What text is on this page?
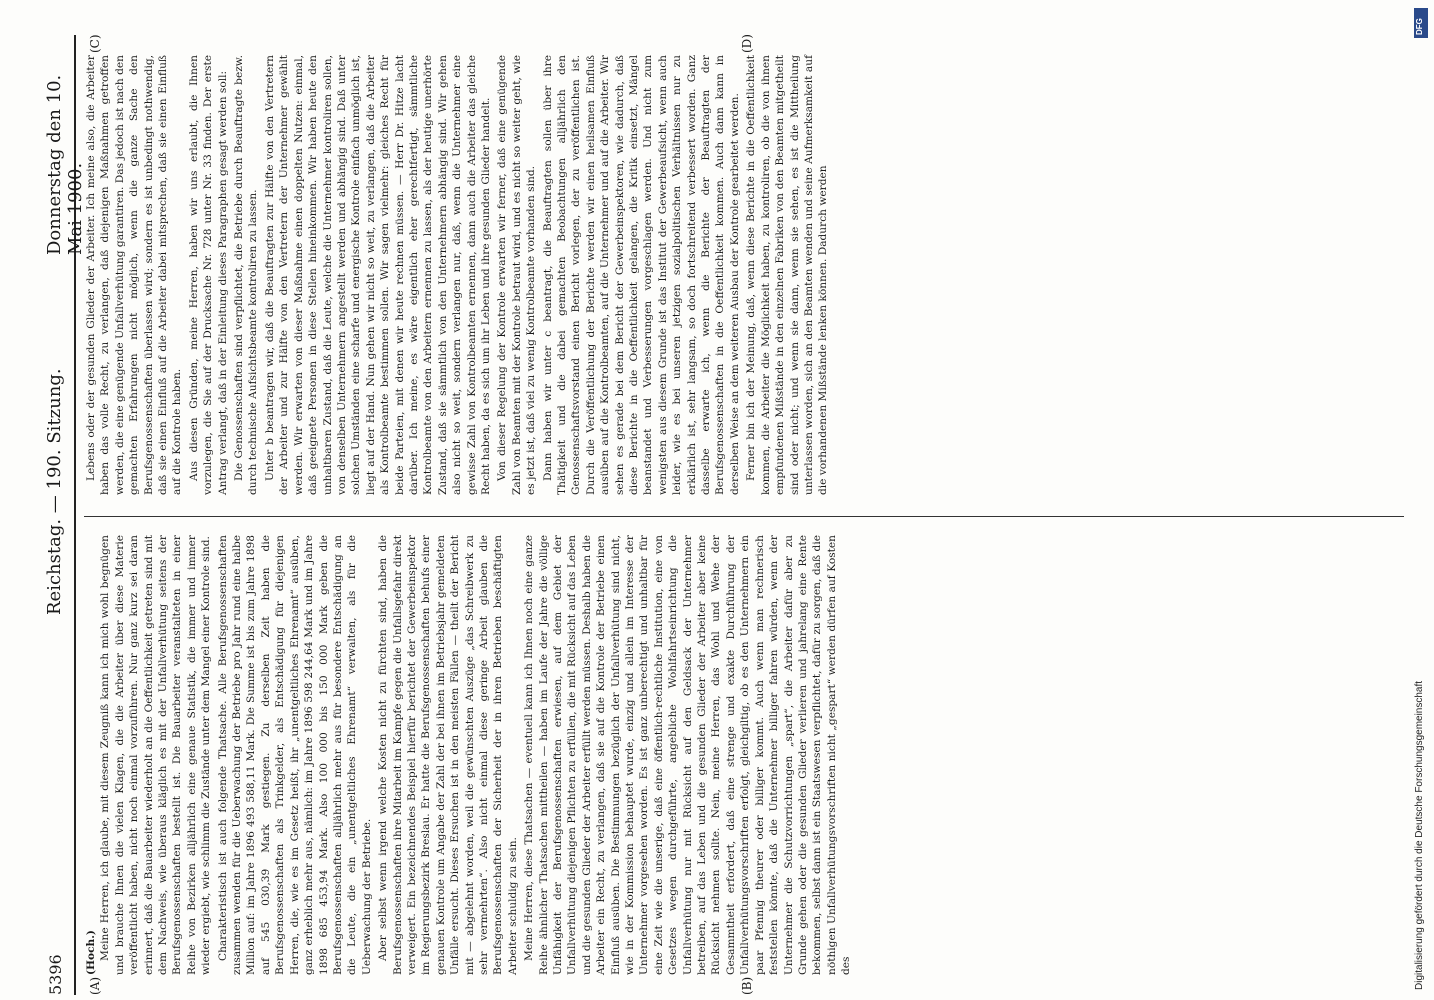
5396
Reichstag. — 190. Sitzung.
Donnerstag den 10. Mai 1900.
(A)	(B)
(C)	(D)
(Hoch.) Meine Herren, ich glaube, mit diesem Zeugniß kann ich mich wohl begnügen und brauche Ihnen die vielen Klagen, die die Arbeiter über diese Materie veröffentlicht haben, nicht noch einmal vorzuführen. Nur ganz kurz sei daran erinnert, daß die Bauarbeiter wiederholt an die Oeffentlichkeit getreten sind mit dem Nachweis, wie überaus kläglich es mit der Unfallverhütung seitens der Berufsgenossenschaften bestellt ist. Die Bauarbeiter veranstalteten in einer Reihe von Bezirken alljährlich eine genaue Statistik, die immer und immer wieder ergiebt, wie schlimm die Zustände unter dem Mangel einer Kontrole sind. Charakteristisch ist auch folgende Thatsache. Alle Berufsgenossenschaften zusammen wenden für die Ueberwachung der Betriebe pro Jahr rund eine halbe Million auf: im Jahre 1896 493 588,11 Mark. Die Summe ist bis zum Jahre 1898 auf 545 030,39 Mark gestiegen. Zu derselben Zeit haben die Berufsgenossenschaften als Trinkgelder, als Entschädigung für diejenigen Herren, die, wie es im Gesetz heißt, ihr „unentgeltliches Ehrenamt“ ausüben, ganz erheblich mehr aus, nämlich: im Jahre 1896 598 244,64 Mark und im Jahre 1898 685 453,94 Mark. Also 100 000 bis 150 000 Mark geben die Berufsgenossenschaften alljährlich mehr aus für besondere Entschädigung an die Leute, die ein „unentgeltliches Ehrenamt“ verwalten, als für die Ueberwachung der Betriebe. Aber selbst wenn irgend welche Kosten nicht zu fürchten sind, haben die Berufsgenossenschaften ihre Mitarbeit im Kampfe gegen die Unfallsgefahr direkt verweigert. Ein bezeichnendes Beispiel hierfür berichtet der Gewerbeinspektor im Regierungsbezirk Breslau. Er hatte die Berufsgenossenschaften behufs einer genauen Kontrole um Angabe der Zahl der bei ihnen im Betriebsjahr gemeldeten Unfälle ersucht. Dieses Ersuchen ist in den meisten Fällen — theilt der Bericht mit — abgelehnt worden, weil die gewünschten Auszüge „das Schreibwerk zu sehr vermehrten“. Also nicht einmal diese geringe Arbeit glauben die Berufsgenossenschaften der Sicherheit der in ihren Betrieben beschäftigten Arbeiter schuldig zu sein. Meine Herren, diese Thatsachen — eventuell kann ich Ihnen noch eine ganze Reihe ähnlicher Thatsachen mittheilen — haben im Laufe der Jahre die völlige Unfähigkeit der Berufsgenossenschaften erwiesen, auf dem Gebiet der Unfallverhütung diejenigen Pflichten zu erfüllen, die mit Rücksicht auf das Leben und die gesunden Glieder der Arbeiter erfüllt werden müssen. Deshalb haben die Arbeiter ein Recht, zu verlangen, daß sie auf die Kontrole der Betriebe einen Einfluß ausüben. Die Bestimmungen bezüglich der Unfallverhütung sind nicht, wie in der Kommission behauptet wurde, einzig und allein im Interesse der Unternehmer vorgesehen worden. Es ist ganz unberechtigt und unhaltbar für eine Zeit wie die unserige, daß eine öffentlich-rechtliche Institution, eine von Gesetzes wegen durchgeführte, angebliche Wohlfahrtseinrichtung die Unfallverhütung nur mit Rücksicht auf den Geldsack der Unternehmer betreiben, auf das Leben und die gesunden Glieder der Arbeiter aber keine Rücksicht nehmen sollte. Nein, meine Herren, das Wohl und Wehe der Gesammtheit erfordert, daß eine strenge und exakte Durchführung der Unfallverhütungsvorschriften erfolgt, gleichgiltig, ob es den Unternehmern ein paar Pfennig theurer oder billiger kommt. Auch wenn man rechnerisch feststellen könnte, daß die Unternehmer billiger fahren würden, wenn der Unternehmer die Schutzvorrichtungen „spart“, die Arbeiter dafür aber zu Grunde gehen oder die gesunden Glieder verlieren und jahrelang eine Rente bekommen, selbst dann ist ein Staatswesen verpflichtet, dafür zu sorgen, daß die nöthigen Unfallverhütungsvorschriften nicht „gespart“ werden dürfen auf Kosten des

Lebens oder der gesunden Glieder der Arbeiter. Ich meine also, die Arbeiter haben das volle Recht, zu verlangen, daß diejenigen Maßnahmen getroffen werden, die eine genügende Unfallverhütung garantiren. Das jedoch ist nach den gemachten Erfahrungen nicht möglich, wenn die ganze Sache den Berufsgenossenschaften überlassen wird; sondern es ist unbedingt nothwendig, daß sie einen Einfluß auf die Arbeiter dabei mitsprechen, daß sie einen Einfluß auf die Kontrole haben. Aus diesen Gründen, meine Herren, haben wir uns erlaubt, die Ihnen vorzulegen, die Sie auf der Drucksache Nr. 728 unter Nr. 33 finden. Der erste Antrag verlangt, daß in der Einleitung dieses Paragraphen gesagt werden soll: Die Genossenschaften sind verpflichtet, die Betriebe durch Beauftragte bezw. durch technische Aufsichtsbeamte kontroliren zu lassen. Unter b beantragen wir, daß die Beauftragten zur Hälfte von den Vertretern der Arbeiter und zur Hälfte von den Vertretern der Unternehmer gewählt werden. Wir erwarten von dieser Maßnahme einen doppelten Nutzen: einmal, daß geeignete Personen in diese Stellen hineinkommen. Wir haben heute den unhaltbaren Zustand, daß die Leute, welche die Unternehmer kontroliren sollen, von denselben Unternehmern angestellt werden und abhängig sind. Daß unter solchen Umständen eine scharfe und energische Kontrole einfach unmöglich ist, liegt auf der Hand. Nun gehen wir nicht so weit, zu verlangen, daß die Arbeiter als Kontrolbeamte bestimmen sollen. Wir sagen vielmehr: gleiches Recht für beide Parteien, mit denen wir heute rechnen müssen. — Herr Dr. Hitze lacht darüber. Ich meine, es wäre eigentlich eher gerechtfertigt, sämmtliche Kontrolbeamte von den Arbeitern ernennen zu lassen, als der heutige unerhörte Zustand, daß sie sämmtlich von den Unternehmern abhängig sind. Wir gehen also nicht so weit, sondern verlangen nur, daß, wenn die Unternehmer eine gewisse Zahl von Kontrolbeamten ernennen, dann auch die Arbeiter das gleiche Recht haben, da es sich um ihr Leben und ihre gesunden Glieder handelt. Von dieser Regelung der Kontrole erwarten wir ferner, daß eine genügende Zahl von Beamten mit der Kontrole betraut wird, und es nicht so weiter geht, wie es jetzt ist, daß viel zu wenig Kontrolbeamte vorhanden sind. Dann haben wir unter c beantragt, die Beauftragten sollen über ihre Thätigkeit und die dabei gemachten Beobachtungen alljährlich den Genossenschaftsvorstand einen Bericht vorlegen, der zu veröffentlichen ist. Durch die Veröffentlichung der Berichte werden wir einen heilsamen Einfluß ausüben auf die Kontrolbeamten, auf die Unternehmer und auf die Arbeiter. Wir sehen es gerade bei dem Bericht der Gewerbeinspektoren, wie dadurch, daß diese Berichte in die Oeffentlichkeit gelangen, die Kritik einsetzt, Mängel beanstandet und Verbesserungen vorgeschlagen werden. Und nicht zum wenigsten aus diesem Grunde ist das Institut der Gewerbeaufsicht, wenn auch leider, wie es bei unseren jetzigen sozialpolitischen Verhältnissen nur zu erklärlich ist, sehr langsam, so doch fortschreitend verbessert worden. Ganz dasselbe erwarte ich, wenn die Berichte der Beauftragten der Berufsgenossenschaften in die Oeffentlichkeit kommen. Auch dann kann in derselben Weise an dem weiteren Ausbau der Kontrole gearbeitet werden. Ferner bin ich der Meinung, daß, wenn diese Berichte in die Oeffentlichkeit kommen, die Arbeiter die Möglichkeit haben, zu kontroliren, ob die von ihnen empfundenen Mißstände in den einzelnen Fabriken von den Beamten mitgetheilt sind oder nicht; und wenn sie dann, wenn sie sehen, es ist die Mittheilung unterlassen worden, sich an den Beamten wenden und seine Aufmerksamkeit auf die vorhandenen Mißstände lenken können. Dadurch werden

DFG
Digitalisierung gefördert durch die Deutsche Forschungsgemeinschaft
